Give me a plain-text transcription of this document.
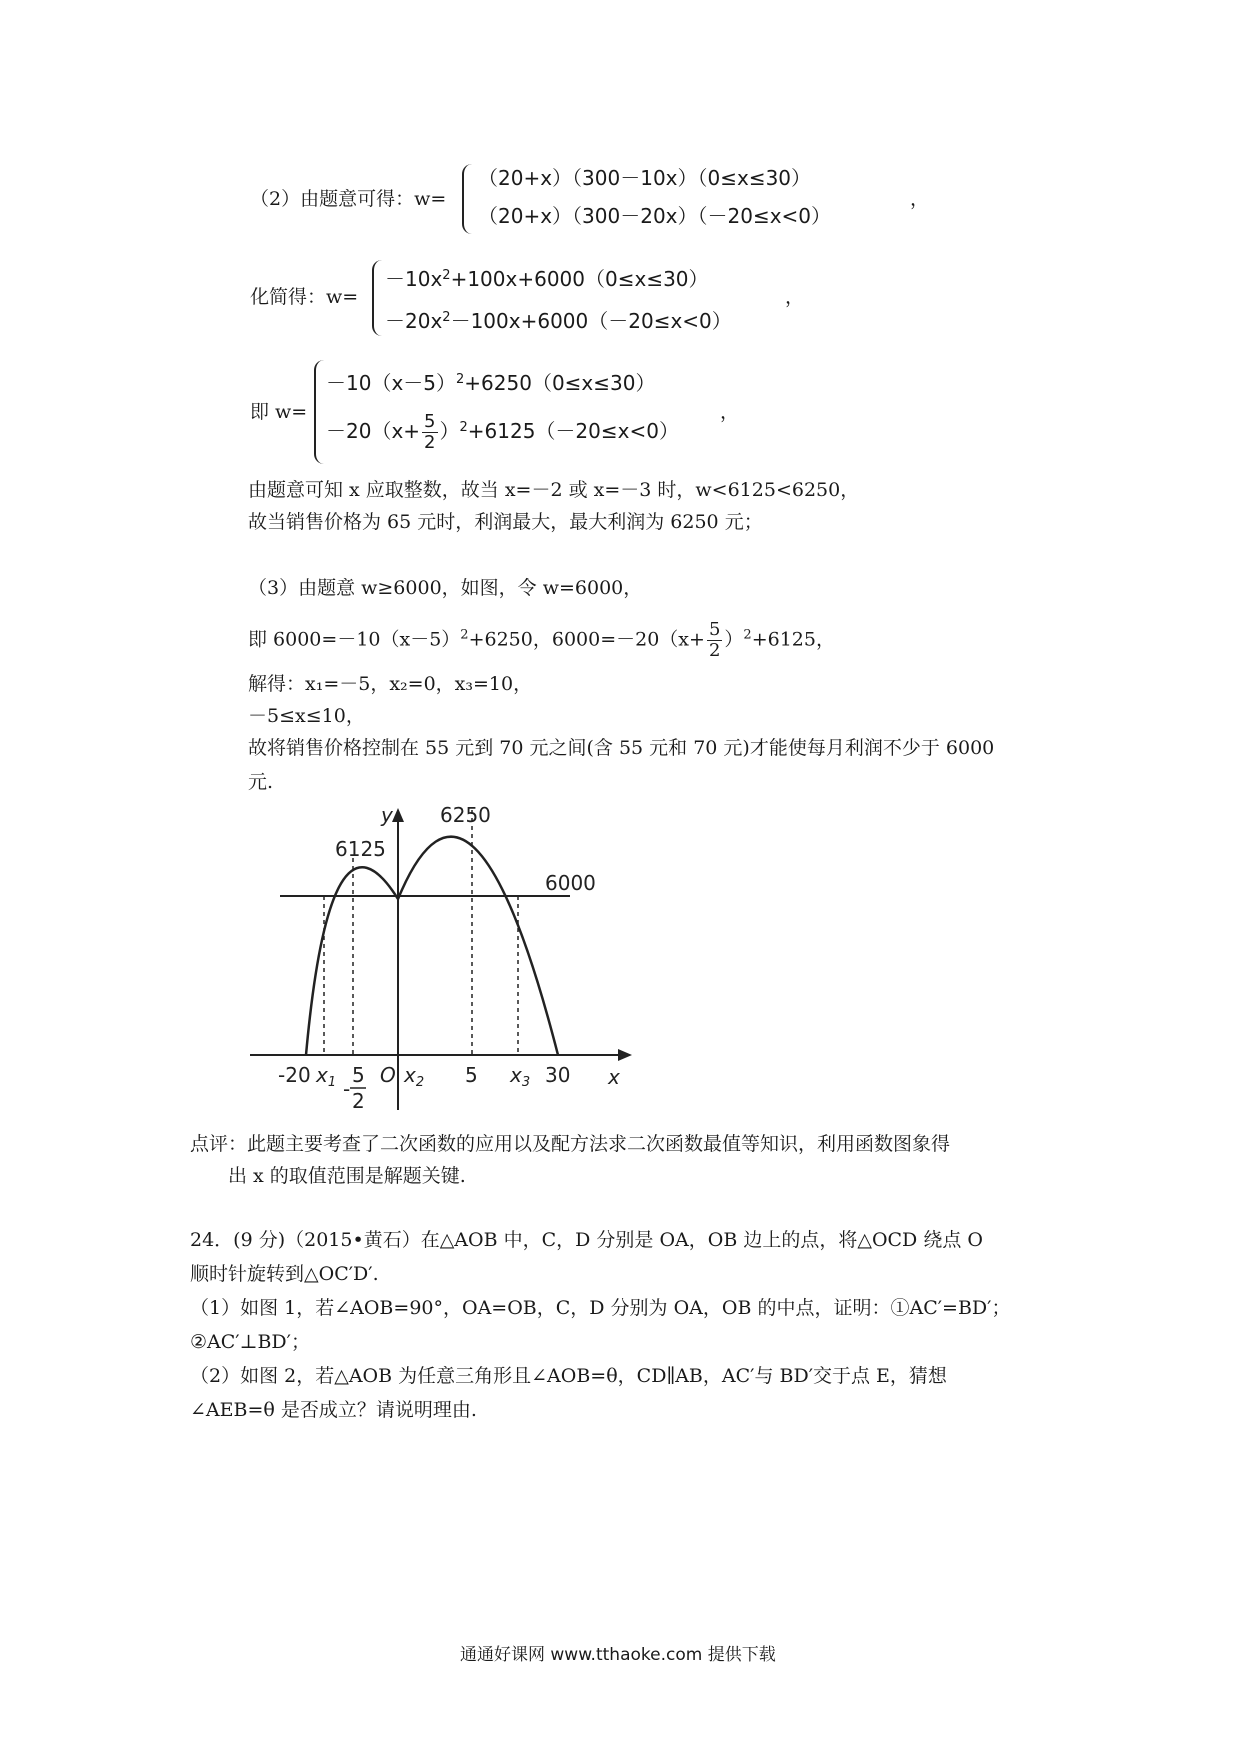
（2）由题意可得：w=
（20+x）（300－10x）（0≤x≤30）
（20+x）（300－20x）（－20≤x<0）
，
化简得：w=
$-10x^2+100x+6000(0\le x\le 30)$
$-20x^2-100x+6000(-20\le x<0)$
，
即 w=
$-10(x-5)^2+6250(0\le x\le 30)$
$-20(x+ \frac{5}{2} )^2+6125(-20\le x<0)$
，
由题意可知 x 应取整数，故当 x=－2 或 x=－3 时，w<6125<6250，
故当销售价格为 65 元时，利润最大，最大利润为 6250 元；
（3）由题意 w≥6000，如图，令 w=6000，
即 $6000=-10(x-5)^2+6250$，$6000=-20(x+ \frac{5}{2} )^2+6125$，
解得：x₁=－5，x₂=0，x₃=10，
－5≤x≤10，
故将销售价格控制在 55 元到 70 元之间(含 55 元和 70 元)才能使每月利润不少于 6000
元.
y
x
6125
6250
6000
-20 $x_1$ -
5
2
O $x_2$ 5 $x_3$ 30
点评：此题主要考查了二次函数的应用以及配方法求二次函数最值等知识，利用函数图象得
出 x 的取值范围是解题关键.
24．(9 分)（2015•黄石）在△AOB 中，C，D 分别是 OA，OB 边上的点，将△OCD 绕点 O
顺时针旋转到△OC′D′.
（1）如图 1，若∠AOB=90°，OA=OB，C，D 分别为 OA，OB 的中点，证明：①AC′=BD′；
②AC′⊥BD′；
（2）如图 2，若△AOB 为任意三角形且∠AOB=θ，CD∥AB，AC′与 BD′交于点 E，猜想
∠AEB=θ 是否成立？请说明理由.
通通好课网 www.tthaoke.com 提供下载
